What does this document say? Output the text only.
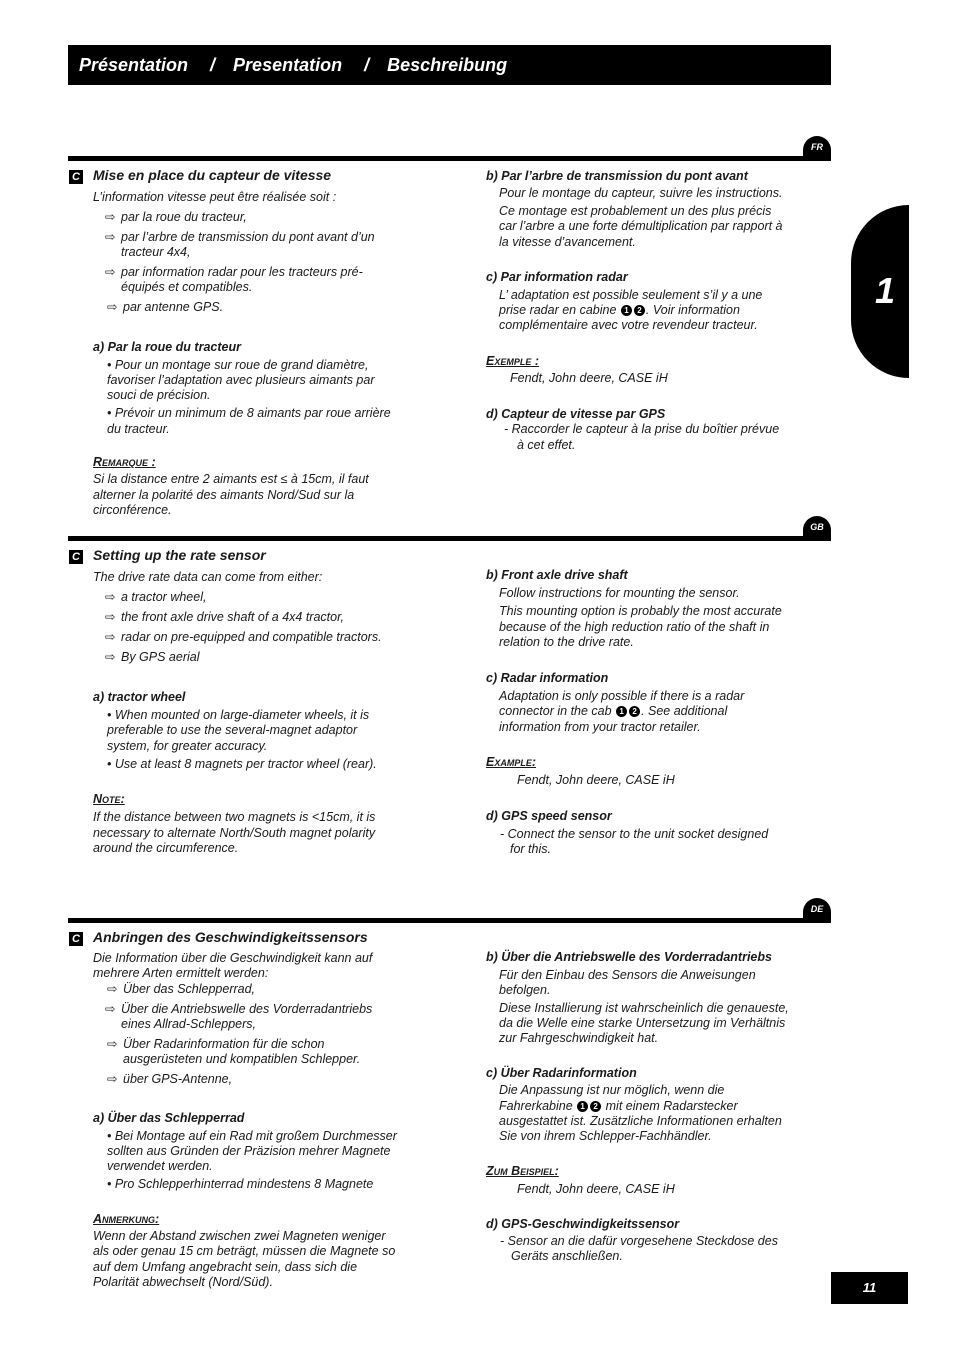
Présentation / Presentation / Beschreibung
1
11
FR
C Mise en place du capteur de vitesse
L’information vitesse peut être réalisée soit :
⇨ par la roue du tracteur,
⇨ par l’arbre de transmission du pont avant d’un
tracteur 4x4,
⇨ par information radar pour les tracteurs pré-
équipés et compatibles.
⇨ par antenne GPS.
a) Par la roue du tracteur
• Pour un montage sur roue de grand diamètre,
favoriser l’adaptation avec plusieurs aimants par
souci de précision.
• Prévoir un minimum de 8 aimants par roue arrière
du tracteur.
Remarque :
Si la distance entre 2 aimants est ≤ à 15cm, il faut
alterner la polarité des aimants Nord/Sud sur la
circonférence.
b) Par l’arbre de transmission du pont avant
Pour le montage du capteur, suivre les instructions.
Ce montage est probablement un des plus précis
car l’arbre a une forte démultiplication par rapport à
la vitesse d’avancement.
c) Par information radar
L’ adaptation est possible seulement s’il y a une
prise radar en cabine 1 2 . Voir information
complémentaire avec votre revendeur tracteur.
Exemple :
Fendt, John deere, CASE iH
d) Capteur de vitesse par GPS
- Raccorder le capteur à la prise du boîtier prévue
à cet effet.
GB
C Setting up the rate sensor
The drive rate data can come from either:
⇨ a tractor wheel,
⇨ the front axle drive shaft of a 4x4 tractor,
⇨ radar on pre-equipped and compatible tractors.
⇨ By GPS aerial
a) tractor wheel
• When mounted on large-diameter wheels, it is
preferable to use the several-magnet adaptor
system, for greater accuracy.
• Use at least 8 magnets per tractor wheel (rear).
Note:
If the distance between two magnets is <15cm, it is
necessary to alternate North/South magnet polarity
around the circumference.
b) Front axle drive shaft
Follow instructions for mounting the sensor.
This mounting option is probably the most accurate
because of the high reduction ratio of the shaft in
relation to the drive rate.
c) Radar information
Adaptation is only possible if there is a radar
connector in the cab 1 2 . See additional
information from your tractor retailer.
Example:
Fendt, John deere, CASE iH
d) GPS speed sensor
- Connect the sensor to the unit socket designed
for this.
DE
C Anbringen des Geschwindigkeitssensors
Die Information über die Geschwindigkeit kann auf
mehrere Arten ermittelt werden:
⇨ Über das Schlepperrad,
⇨ Über die Antriebswelle des Vorderradantriebs
eines Allrad-Schleppers,
⇨ Über Radarinformation für die schon
ausgerüsteten und kompatiblen Schlepper.
⇨ über GPS-Antenne,
a) Über das Schlepperrad
• Bei Montage auf ein Rad mit großem Durchmesser
sollten aus Gründen der Präzision mehrer Magnete
verwendet werden.
• Pro Schlepperhinterrad mindestens 8 Magnete
Anmerkung:
Wenn der Abstand zwischen zwei Magneten weniger
als oder genau 15 cm beträgt, müssen die Magnete so
auf dem Umfang angebracht sein, dass sich die
Polarität abwechselt (Nord/Süd).
b) Über die Antriebswelle des Vorderradantriebs
Für den Einbau des Sensors die Anweisungen
befolgen.
Diese Installierung ist wahrscheinlich die genaueste,
da die Welle eine starke Untersetzung im Verhältnis
zur Fahrgeschwindigkeit hat.
c) Über Radarinformation
Die Anpassung ist nur möglich, wenn die
Fahrerkabine 1 2 mit einem Radarstecker
ausgestattet ist. Zusätzliche Informationen erhalten
Sie von ihrem Schlepper-Fachhändler.
Zum Beispiel:
Fendt, John deere, CASE iH
d) GPS-Geschwindigkeitssensor
- Sensor an die dafür vorgesehene Steckdose des
Geräts anschließen.
